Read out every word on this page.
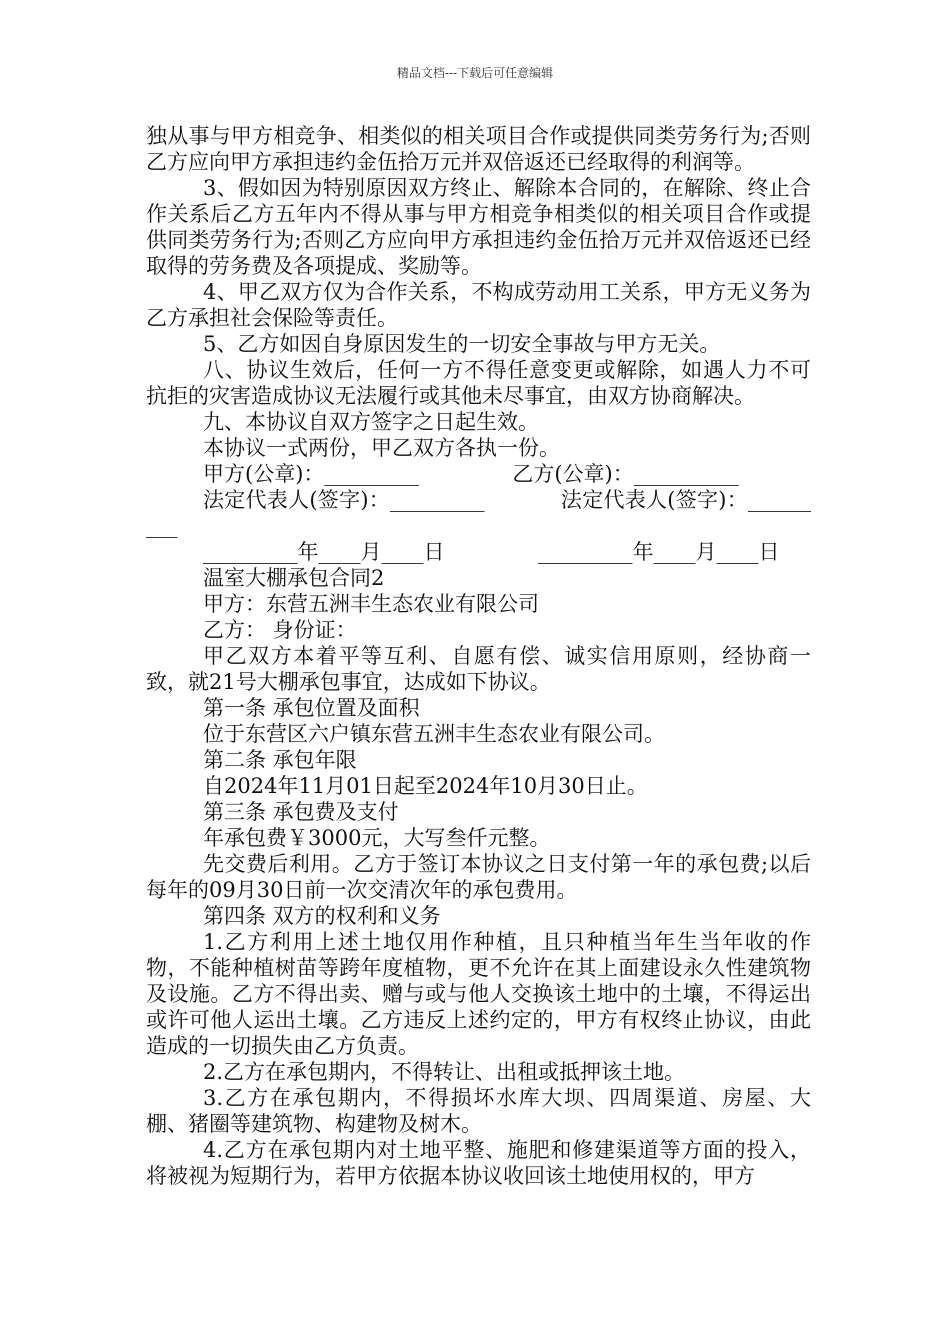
精品文档---下载后可任意编辑

独从事与甲方相竞争、相类似的相关项目合作或提供同类劳务行为;否则乙方应向甲方承担违约金伍拾万元并双倍返还已经取得的利润等。

3、假如因为特别原因双方终止、解除本合同的，在解除、终止合作关系后乙方五年内不得从事与甲方相竞争相类似的相关项目合作或提供同类劳务行为;否则乙方应向甲方承担违约金伍拾万元并双倍返还已经取得的劳务费及各项提成、奖励等。

4、甲乙双方仅为合作关系，不构成劳动用工关系，甲方无义务为乙方承担社会保险等责任。

5、乙方如因自身原因发生的一切安全事故与甲方无关。

八、协议生效后，任何一方不得任意变更或解除，如遇人力不可抗拒的灾害造成协议无法履行或其他未尽事宜，由双方协商解决。

九、本协议自双方签字之日起生效。

本协议一式两份，甲乙双方各执一份。

甲方(公章)：_________              乙方(公章)：__________

法定代表人(签字)：_________           法定代表人(签字)：_________

_________年____月____日              _________年____月____日

温室大棚承包合同2

甲方：东营五洲丰生态农业有限公司

乙方： 身份证：

甲乙双方本着平等互利、自愿有偿、诚实信用原则，经协商一致，就21号大棚承包事宜，达成如下协议。

第一条 承包位置及面积

位于东营区六户镇东营五洲丰生态农业有限公司。

第二条 承包年限

自2024年11月01日起至2024年10月30日止。

第三条 承包费及支付

年承包费￥3000元，大写叁仟元整。

先交费后利用。乙方于签订本协议之日支付第一年的承包费;以后每年的09月30日前一次交清次年的承包费用。

第四条 双方的权利和义务

1.乙方利用上述土地仅用作种植，且只种植当年生当年收的作物，不能种植树苗等跨年度植物，更不允许在其上面建设永久性建筑物及设施。乙方不得出卖、赠与或与他人交换该土地中的土壤，不得运出或许可他人运出土壤。乙方违反上述约定的，甲方有权终止协议，由此造成的一切损失由乙方负责。

2.乙方在承包期内，不得转让、出租或抵押该土地。

3.乙方在承包期内，不得损坏水库大坝、四周渠道、房屋、大棚、猪圈等建筑物、构建物及树木。

4.乙方在承包期内对土地平整、施肥和修建渠道等方面的投入，将被视为短期行为，若甲方依据本协议收回该土地使用权的，甲方
